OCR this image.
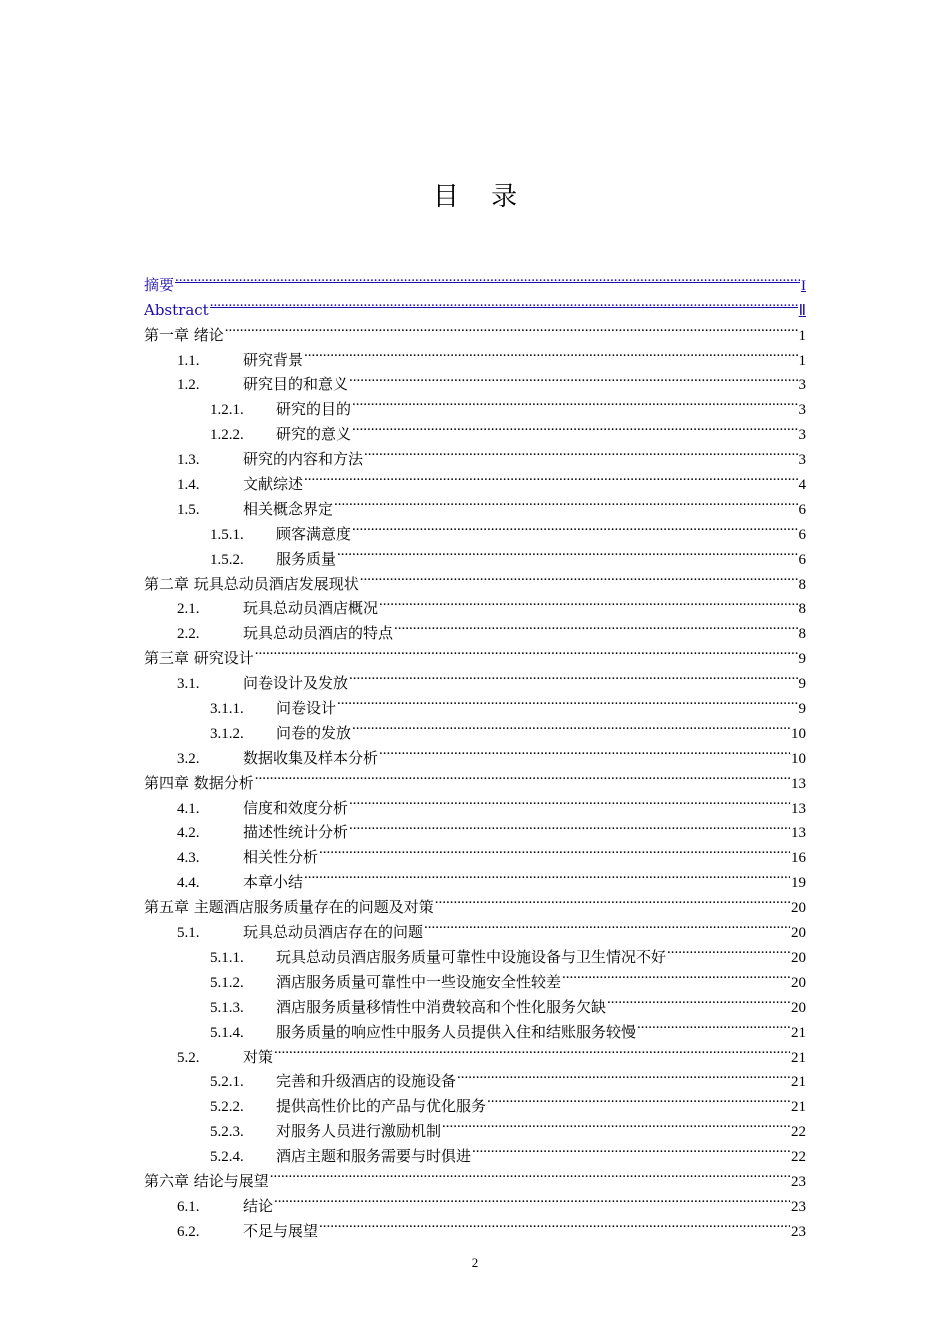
目 录
摘要 .....	I
Abstract .....	Ⅱ
第一章 绪论 .....	1
1.1.	研究背景 .....	1
1.2.	研究目的和意义 .....	3
1.2.1.	研究的目的 .....	3
1.2.2.	研究的意义 .....	3
1.3.	研究的内容和方法 .....	3
1.4.	文献综述 .....	4
1.5.	相关概念界定 .....	6
1.5.1.	顾客满意度 .....	6
1.5.2.	服务质量 .....	6
第二章 玩具总动员酒店发展现状 .....	8
2.1.	玩具总动员酒店概况 .....	8
2.2.	玩具总动员酒店的特点 .....	8
第三章 研究设计 .....	9
3.1.	问卷设计及发放 .....	9
3.1.1.	问卷设计 .....	9
3.1.2.	问卷的发放 .....	10
3.2.	数据收集及样本分析 .....	10
第四章 数据分析 .....	13
4.1.	信度和效度分析 .....	13
4.2.	描述性统计分析 .....	13
4.3.	相关性分析 .....	16
4.4.	本章小结 .....	19
第五章 主题酒店服务质量存在的问题及对策 .....	20
5.1.	玩具总动员酒店存在的问题 .....	20
5.1.1.	玩具总动员酒店服务质量可靠性中设施设备与卫生情况不好 .....	20
5.1.2.	酒店服务质量可靠性中一些设施安全性较差 .....	20
5.1.3.	酒店服务质量移情性中消费较高和个性化服务欠缺 .....	20
5.1.4.	服务质量的响应性中服务人员提供入住和结账服务较慢 .....	21
5.2.	对策 .....	21
5.2.1.	完善和升级酒店的设施设备 .....	21
5.2.2.	提供高性价比的产品与优化服务 .....	21
5.2.3.	对服务人员进行激励机制 .....	22
5.2.4.	酒店主题和服务需要与时俱进 .....	22
第六章 结论与展望 .....	23
6.1.	结论 .....	23
6.2.	不足与展望 .....	23
2
